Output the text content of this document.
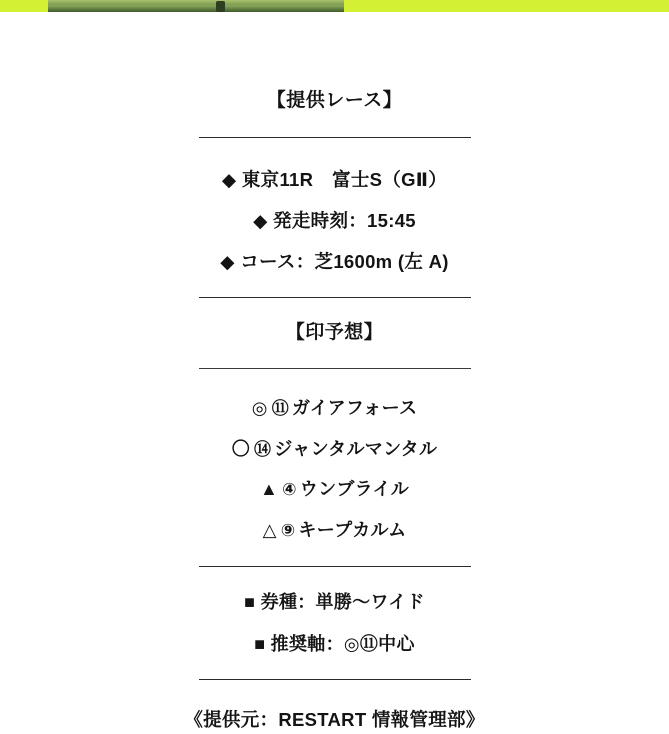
【提供レース】
◆ 東京11R　富士S（GⅡ）
◆ 発走時刻：15:45
◆ コース：芝1600m (左 A)
【印予想】
◎ ⑪ ガイアフォース
〇 ⑭ ジャンタルマンタル
▲ ④ ウンブライル
△ ⑨ キープカルム
■ 券種：単勝〜ワイド
■ 推奨軸：◎⑪中心
《提供元：RESTART 情報管理部》
